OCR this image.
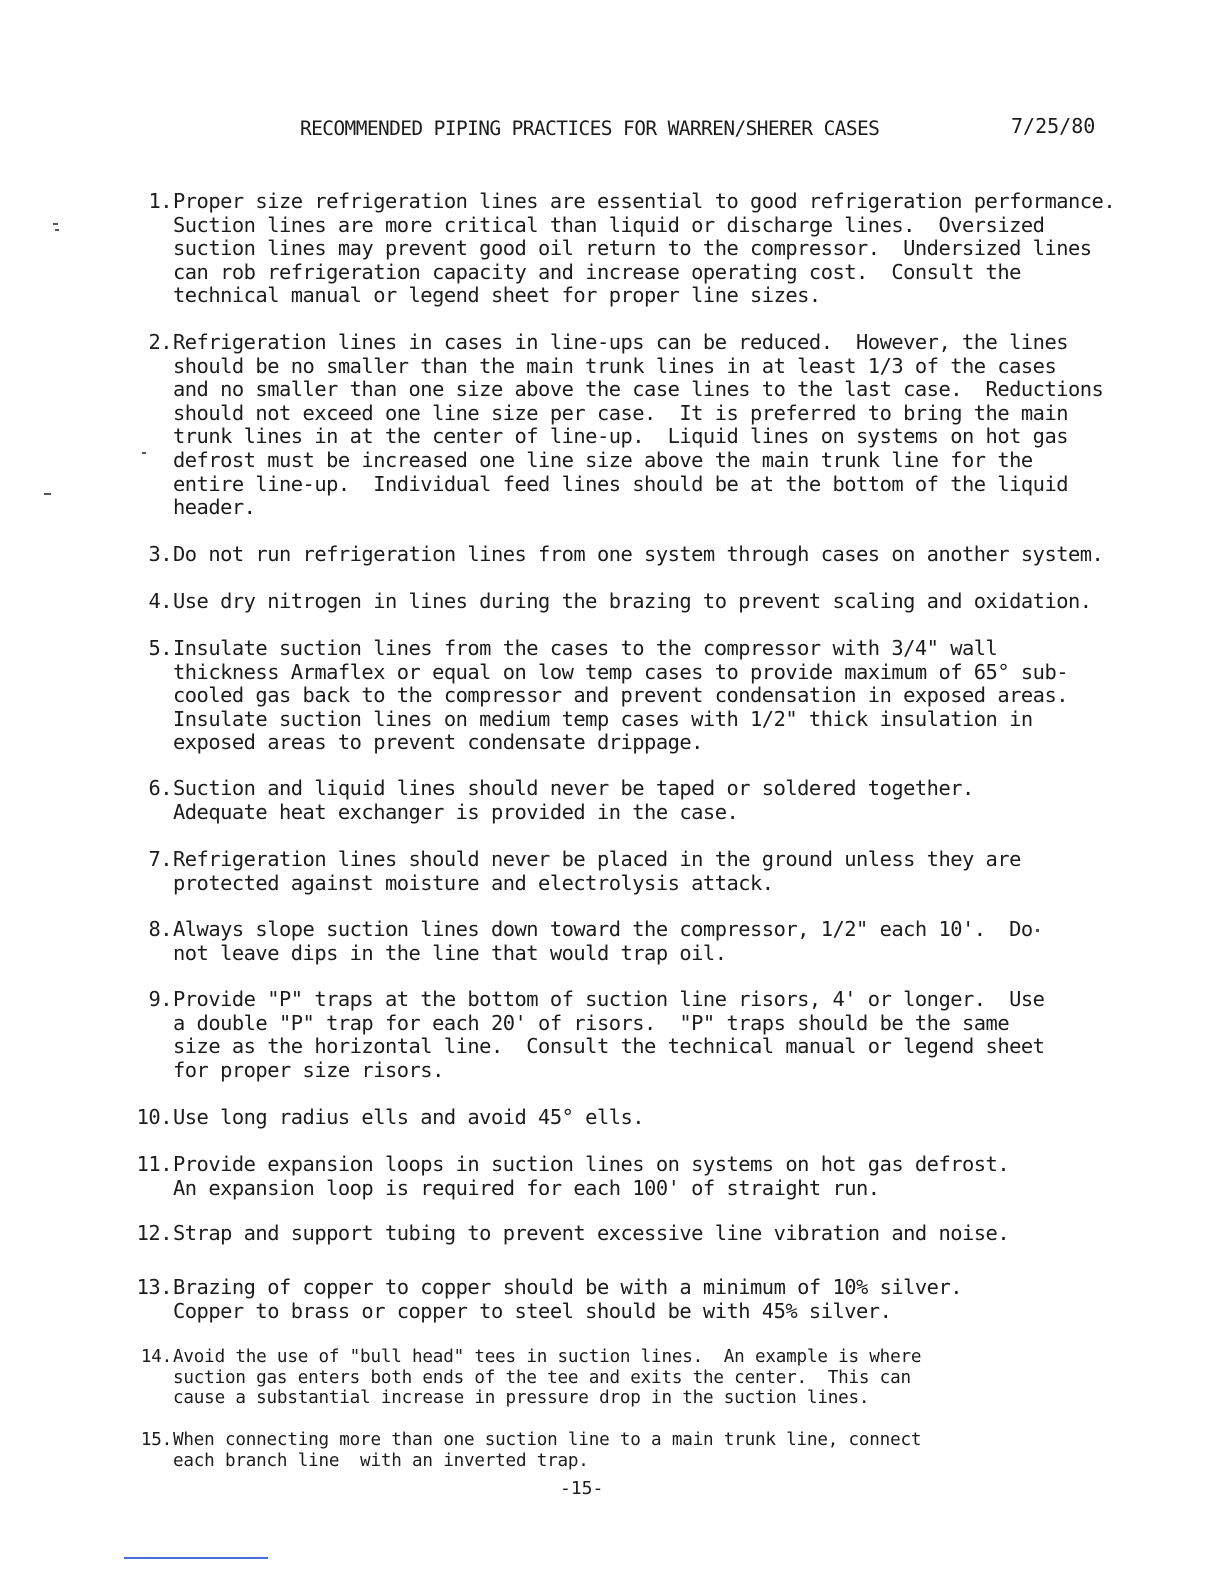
RECOMMENDED PIPING PRACTICES FOR WARREN/SHERER CASES	7/25/80
1. Proper size refrigeration lines are essential to good refrigeration performance.
Suction lines are more critical than liquid or discharge lines.  Oversized
suction lines may prevent good oil return to the compressor.  Undersized lines
can rob refrigeration capacity and increase operating cost.  Consult the
technical manual or legend sheet for proper line sizes.
2. Refrigeration lines in cases in line-ups can be reduced.  However, the lines
should be no smaller than the main trunk lines in at least 1/3 of the cases
and no smaller than one size above the case lines to the last case.  Reductions
should not exceed one line size per case.  It is preferred to bring the main
trunk lines in at the center of line-up.  Liquid lines on systems on hot gas
defrost must be increased one line size above the main trunk line for the
entire line-up.  Individual feed lines should be at the bottom of the liquid
header.
3. Do not run refrigeration lines from one system through cases on another system.
4. Use dry nitrogen in lines during the brazing to prevent scaling and oxidation.
5. Insulate suction lines from the cases to the compressor with 3/4" wall
thickness Armaflex or equal on low temp cases to provide maximum of 65° sub-
cooled gas back to the compressor and prevent condensation in exposed areas.
Insulate suction lines on medium temp cases with 1/2" thick insulation in
exposed areas to prevent condensate drippage.
6. Suction and liquid lines should never be taped or soldered together.
Adequate heat exchanger is provided in the case.
7. Refrigeration lines should never be placed in the ground unless they are
protected against moisture and electrolysis attack.
8. Always slope suction lines down toward the compressor, 1/2" each 10'.  Do
not leave dips in the line that would trap oil.
9. Provide "P" traps at the bottom of suction line risors, 4' or longer.  Use
a double "P" trap for each 20' of risors.  "P" traps should be the same
size as the horizontal line.  Consult the technical manual or legend sheet
for proper size risors.
10. Use long radius ells and avoid 45° ells.
11. Provide expansion loops in suction lines on systems on hot gas defrost.
An expansion loop is required for each 100' of straight run.
12. Strap and support tubing to prevent excessive line vibration and noise.
13. Brazing of copper to copper should be with a minimum of 10% silver.
Copper to brass or copper to steel should be with 45% silver.
14. Avoid the use of "bull head" tees in suction lines.  An example is where
suction gas enters both ends of the tee and exits the center.  This can
cause a substantial increase in pressure drop in the suction lines.
15. When connecting more than one suction line to a main trunk line, connect
each branch line  with an inverted trap.
-15-
